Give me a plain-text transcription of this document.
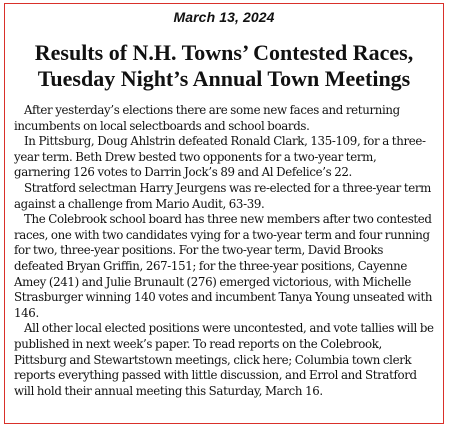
March 13, 2024
Results of N.H. Towns’ Contested Races,
Tuesday Night’s Annual Town Meetings

After yesterday’s elections there are some new faces and returning incumbents on local selectboards and school boards.

In Pittsburg, Doug Ahlstrin defeated Ronald Clark, 135-109, for a three-year term. Beth Drew bested two opponents for a two-year term, garnering 126 votes to Darrin Jock’s 89 and Al Defelice’s 22.

Stratford selectman Harry Jeurgens was re-elected for a three-year term against a challenge from Mario Audit, 63-39.

The Colebrook school board has three new members after two contested races, one with two candidates vying for a two-year term and four running for two, three-year positions. For the two-year term, David Brooks defeated Bryan Griffin, 267-151; for the three-year positions, Cayenne Amey (241) and Julie Brunault (276) emerged victorious, with Michelle Strasburger winning 140 votes and incumbent Tanya Young unseated with 146.

All other local elected positions were uncontested, and vote tallies will be published in next week’s paper. To read reports on the Colebrook, Pittsburg and Stewartstown meetings, click here; Columbia town clerk reports everything passed with little discussion, and Errol and Stratford will hold their annual meeting this Saturday, March 16.
